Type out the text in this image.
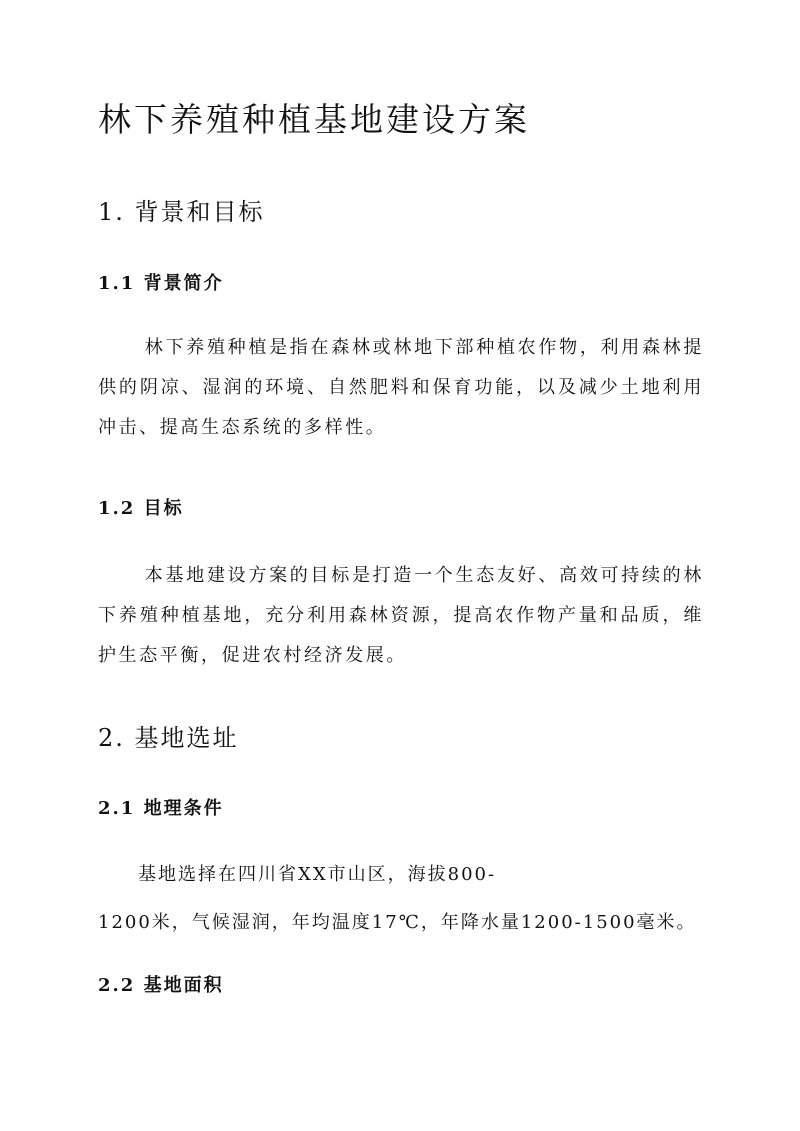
林下养殖种植基地建设方案
1. 背景和目标
1.1 背景简介

林下养殖种植是指在森林或林地下部种植农作物，利用森林提供的阴凉、湿润的环境、自然肥料和保育功能，以及减少土地利用冲击、提高生态系统的多样性。

1.2 目标

本基地建设方案的目标是打造一个生态友好、高效可持续的林下养殖种植基地，充分利用森林资源，提高农作物产量和品质，维护生态平衡，促进农村经济发展。

2. 基地选址
2.1 地理条件

基地选择在四川省XX市山区，海拔800-

1200米，气候湿润，年均温度17℃，年降水量1200-1500毫米。

2.2 基地面积
